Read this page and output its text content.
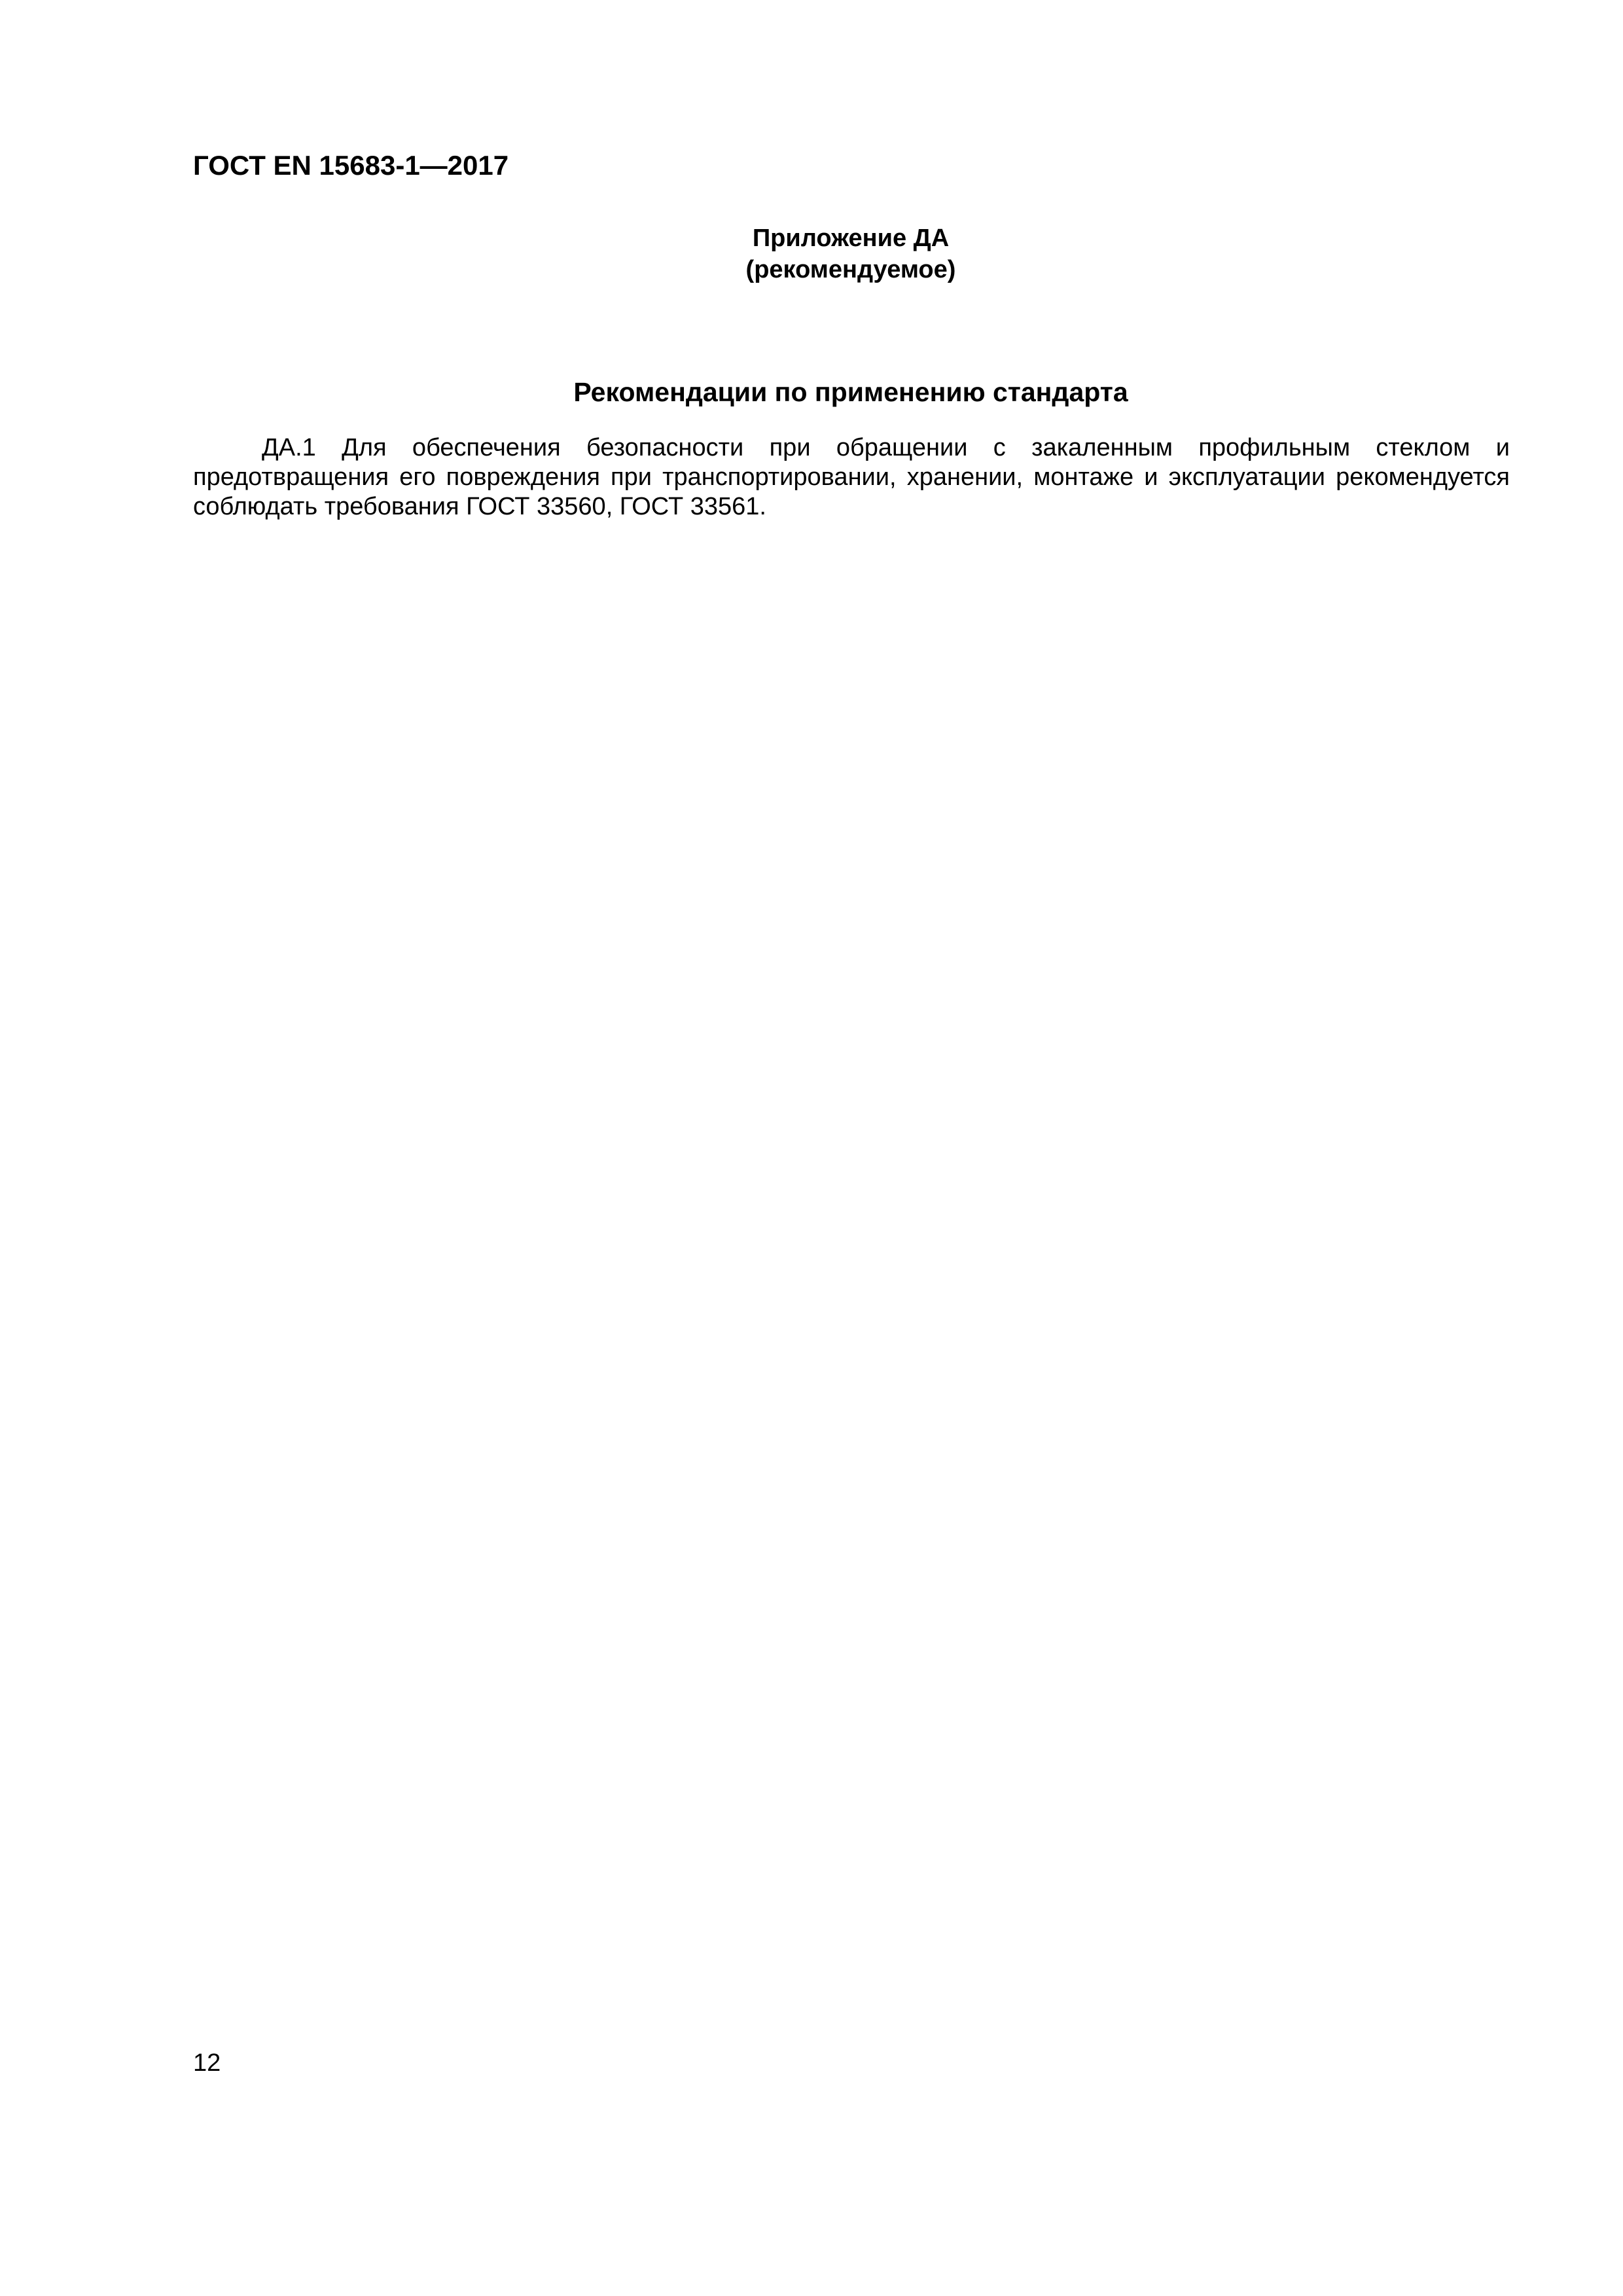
ГОСТ EN 15683-1—2017
Приложение ДА
(рекомендуемое)
Рекомендации по применению стандарта

ДА.1 Для обеспечения безопасности при обращении с закаленным профильным стеклом и предотвращения его повреждения при транспортировании, хранении, монтаже и эксплуатации рекомендуется соблюдать требования ГОСТ 33560, ГОСТ 33561.

12
